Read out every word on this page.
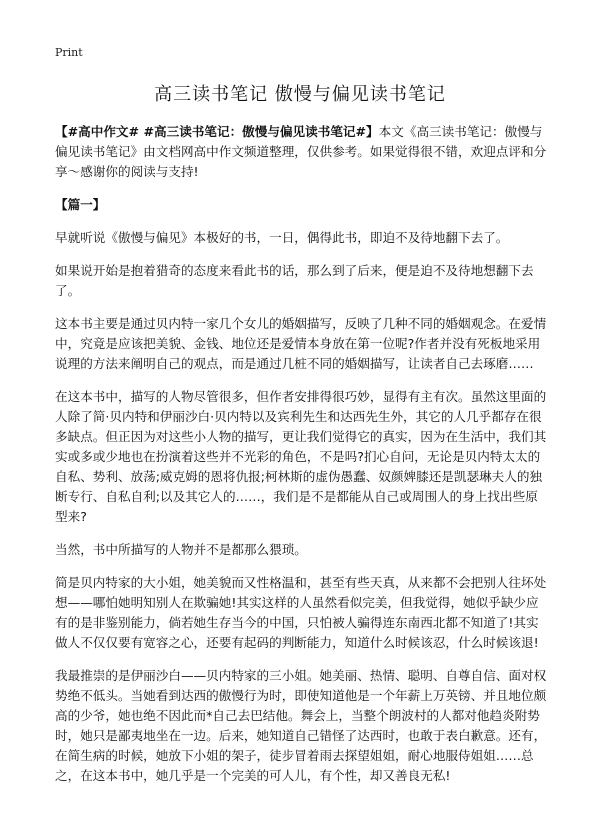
Print
高三读书笔记 傲慢与偏见读书笔记

【#高中作文# #高三读书笔记：傲慢与偏见读书笔记#】本文《高三读书笔记：傲慢与偏见读书笔记》由文档网高中作文频道整理，仅供参考。如果觉得很不错，欢迎点评和分享～感谢你的阅读与支持!

【篇一】

早就听说《傲慢与偏见》本极好的书，一日，偶得此书，即迫不及待地翻下去了。

如果说开始是抱着猎奇的态度来看此书的话，那么到了后来，便是迫不及待地想翻下去了。

这本书主要是通过贝内特一家几个女儿的婚姻描写，反映了几种不同的婚姻观念。在爱情中，究竟是应该把美貌、金钱、地位还是爱情本身放在第一位呢?作者并没有死板地采用说理的方法来阐明自己的观点，而是通过几桩不同的婚姻描写，让读者自己去琢磨……

在这本书中，描写的人物尽管很多，但作者安排得很巧妙，显得有主有次。虽然这里面的人除了简·贝内特和伊丽沙白·贝内特以及宾利先生和达西先生外，其它的人几乎都存在很多缺点。但正因为对这些小人物的描写，更让我们觉得它的真实，因为在生活中，我们其实或多或少地也在扮演着这些并不光彩的角色，不是吗?扪心自问，无论是贝内特太太的自私、势利、放荡;威克姆的恩将仇报;柯林斯的虚伪愚蠢、奴颜婢膝还是凯瑟琳夫人的独断专行、自私自利;以及其它人的……，我们是不是都能从自己或周围人的身上找出些原型来?

当然，书中所描写的人物并不是都那么猥琐。

简是贝内特家的大小姐，她美貌而又性格温和，甚至有些天真，从来都不会把别人往坏处想——哪怕她明知别人在欺骗她!其实这样的人虽然看似完美，但我觉得，她似乎缺少应有的是非鉴别能力，倘若她生存当今的中国，只怕被人骗得连东南西北都不知道了!其实做人不仅仅要有宽容之心，还要有起码的判断能力，知道什么时候该忍，什么时候该退!

我最推崇的是伊丽沙白——贝内特家的三小姐。她美丽、热情、聪明、自尊自信、面对权势绝不低头。当她看到达西的傲慢行为时，即使知道他是一个年薪上万英镑、并且地位颇高的少爷，她也绝不因此而*自己去巴结他。舞会上，当整个朗波村的人都对他趋炎附势时，她只是鄙夷地坐在一边。后来，她知道自己错怪了达西时，也敢于表白歉意。还有，在简生病的时候，她放下小姐的架子，徒步冒着雨去探望姐姐，耐心地服侍姐姐……总之，在这本书中，她几乎是一个完美的可人儿，有个性，却又善良无私!
